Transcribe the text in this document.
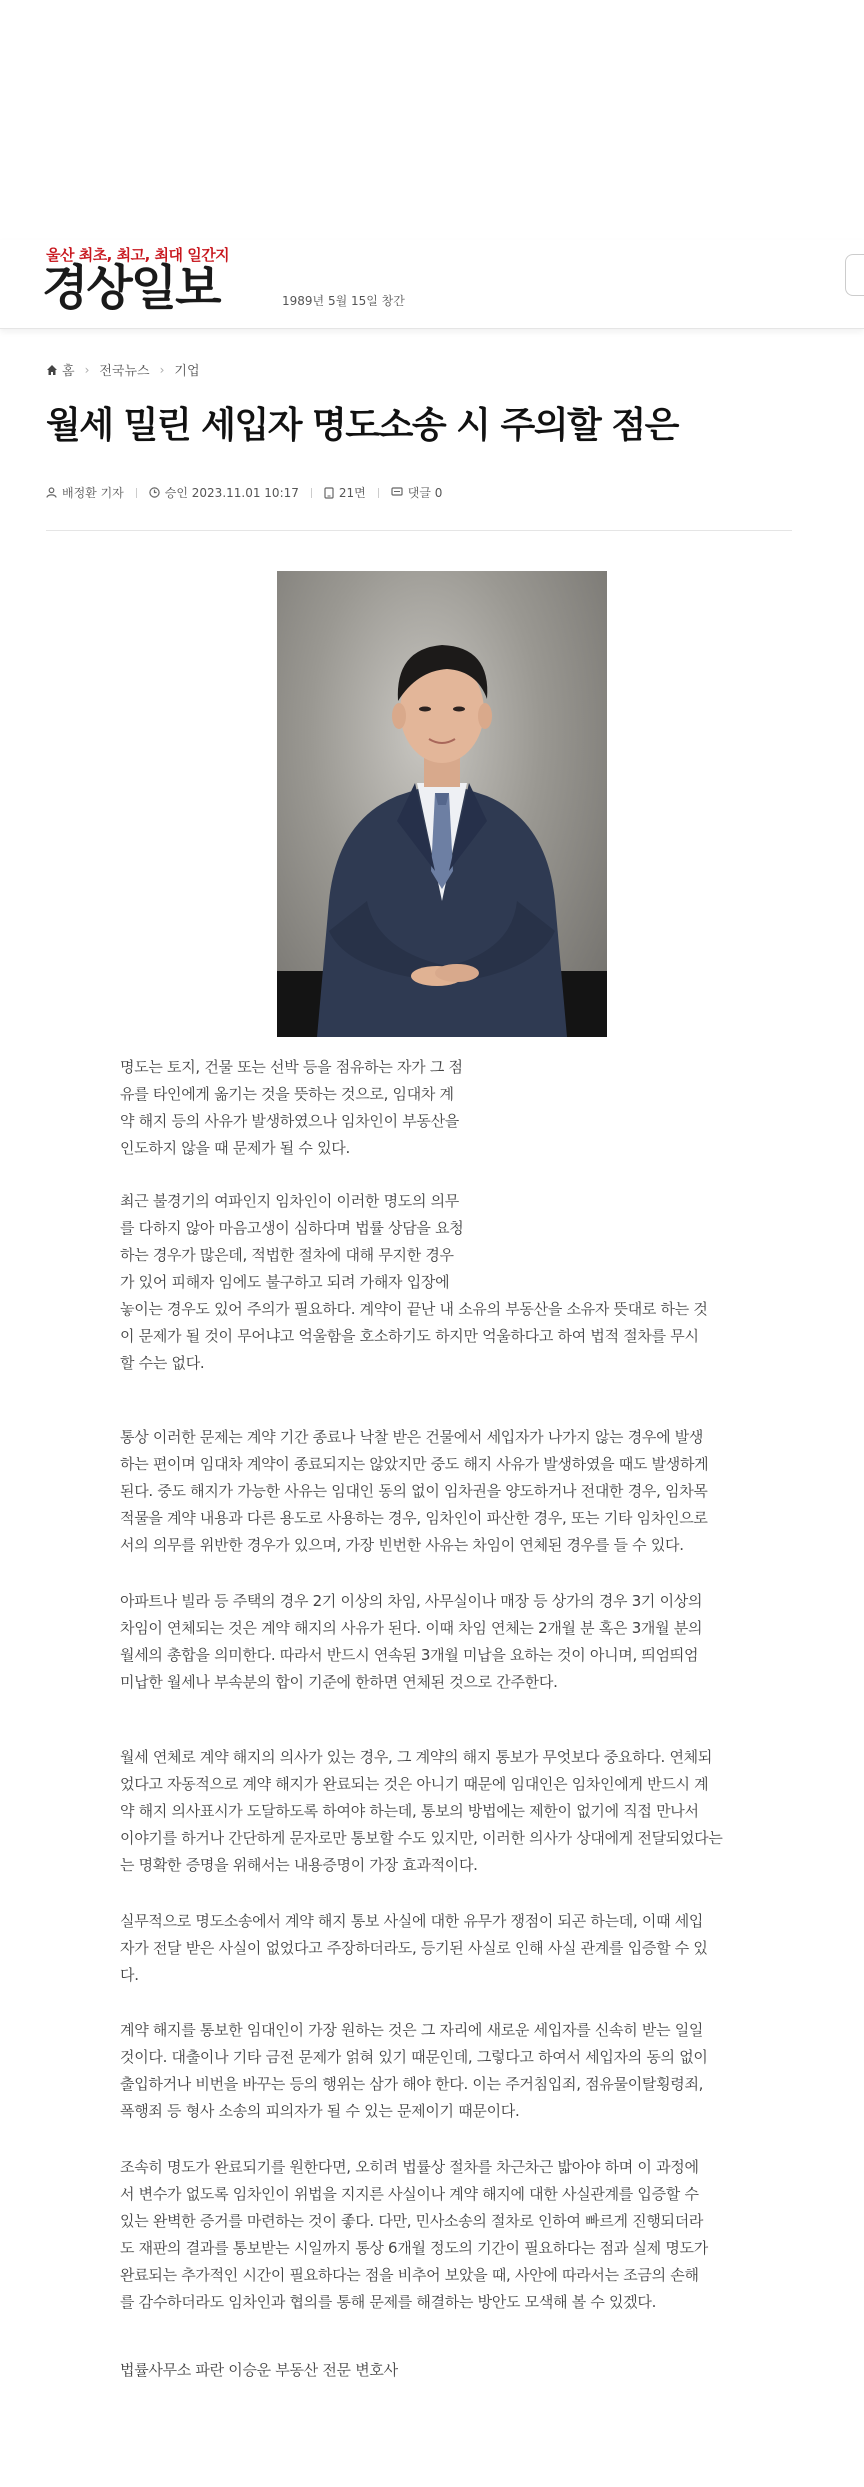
울산 최초, 최고, 최대 일간지
경상일보	1989년 5월 15일 창간
홈 › 전국뉴스 › 기업
월세 밀린 세입자 명도소송 시 주의할 점은
배정환 기자	승인 2023.11.01 10:17	21면	댓글 0

명도는 토지, 건물 또는 선박 등을 점유하는 자가 그 점
유를 타인에게 옮기는 것을 뜻하는 것으로, 임대차 계
약 해지 등의 사유가 발생하였으나 임차인이 부동산을
인도하지 않을 때 문제가 될 수 있다.

최근 불경기의 여파인지 임차인이 이러한 명도의 의무
를 다하지 않아 마음고생이 심하다며 법률 상담을 요청
하는 경우가 많은데, 적법한 절차에 대해 무지한 경우
가 있어 피해자 임에도 불구하고 되려 가해자 입장에
놓이는 경우도 있어 주의가 필요하다. 계약이 끝난 내 소유의 부동산을 소유자 뜻대로 하는 것
이 문제가 될 것이 무어냐고 억울함을 호소하기도 하지만 억울하다고 하여 법적 절차를 무시
할 수는 없다.

통상 이러한 문제는 계약 기간 종료나 낙찰 받은 건물에서 세입자가 나가지 않는 경우에 발생
하는 편이며 임대차 계약이 종료되지는 않았지만 중도 해지 사유가 발생하였을 때도 발생하게
된다. 중도 해지가 가능한 사유는 임대인 동의 없이 임차권을 양도하거나 전대한 경우, 임차목
적물을 계약 내용과 다른 용도로 사용하는 경우, 임차인이 파산한 경우, 또는 기타 임차인으로
서의 의무를 위반한 경우가 있으며, 가장 빈번한 사유는 차임이 연체된 경우를 들 수 있다.

아파트나 빌라 등 주택의 경우 2기 이상의 차임, 사무실이나 매장 등 상가의 경우 3기 이상의
차임이 연체되는 것은 계약 해지의 사유가 된다. 이때 차임 연체는 2개월 분 혹은 3개월 분의
월세의 총합을 의미한다. 따라서 반드시 연속된 3개월 미납을 요하는 것이 아니며, 띄엄띄엄
미납한 월세나 부속분의 합이 기준에 한하면 연체된 것으로 간주한다.

월세 연체로 계약 해지의 의사가 있는 경우, 그 계약의 해지 통보가 무엇보다 중요하다. 연체되
었다고 자동적으로 계약 해지가 완료되는 것은 아니기 때문에 임대인은 임차인에게 반드시 계
약 해지 의사표시가 도달하도록 하여야 하는데, 통보의 방법에는 제한이 없기에 직접 만나서
이야기를 하거나 간단하게 문자로만 통보할 수도 있지만, 이러한 의사가 상대에게 전달되었다는
는 명확한 증명을 위해서는 내용증명이 가장 효과적이다.

실무적으로 명도소송에서 계약 해지 통보 사실에 대한 유무가 쟁점이 되곤 하는데, 이때 세입
자가 전달 받은 사실이 없었다고 주장하더라도, 등기된 사실로 인해 사실 관계를 입증할 수 있
다.

계약 해지를 통보한 임대인이 가장 원하는 것은 그 자리에 새로운 세입자를 신속히 받는 일일
것이다. 대출이나 기타 금전 문제가 얽혀 있기 때문인데, 그렇다고 하여서 세입자의 동의 없이
출입하거나 비번을 바꾸는 등의 행위는 삼가 해야 한다. 이는 주거침입죄, 점유물이탈횡령죄,
폭행죄 등 형사 소송의 피의자가 될 수 있는 문제이기 때문이다.

조속히 명도가 완료되기를 원한다면, 오히려 법률상 절차를 차근차근 밟아야 하며 이 과정에
서 변수가 없도록 임차인이 위법을 지지른 사실이나 계약 해지에 대한 사실관계를 입증할 수
있는 완벽한 증거를 마련하는 것이 좋다. 다만, 민사소송의 절차로 인하여 빠르게 진행되더라
도 재판의 결과를 통보받는 시일까지 통상 6개월 정도의 기간이 필요하다는 점과 실제 명도가
완료되는 추가적인 시간이 필요하다는 점을 비추어 보았을 때, 사안에 따라서는 조금의 손해
를 감수하더라도 임차인과 협의를 통해 문제를 해결하는 방안도 모색해 볼 수 있겠다.

법률사무소 파란 이승운 부동산 전문 변호사
